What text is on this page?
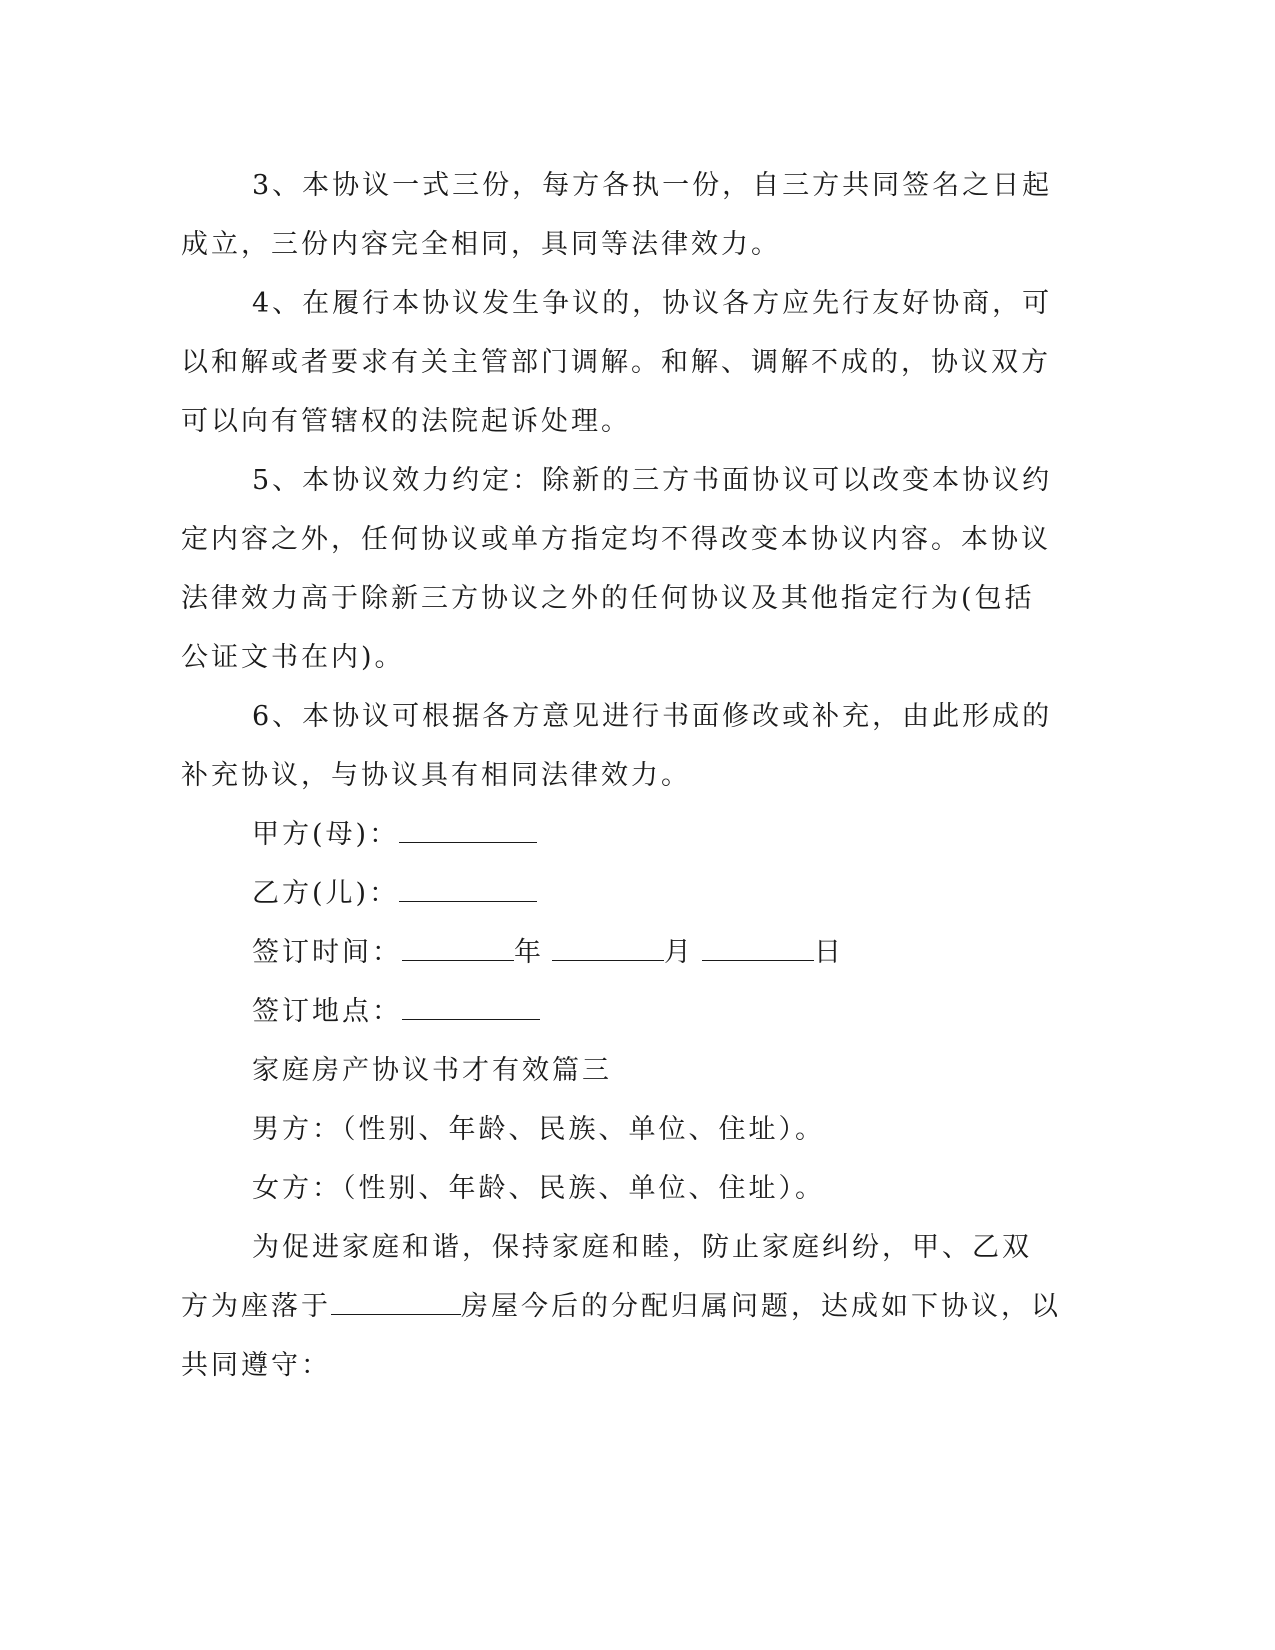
3、本协议一式三份，每方各执一份，自三方共同签名之日起成立，三份内容完全相同，具同等法律效力。

4、在履行本协议发生争议的，协议各方应先行友好协商，可以和解或者要求有关主管部门调解。和解、调解不成的，协议双方可以向有管辖权的法院起诉处理。

5、本协议效力约定：除新的三方书面协议可以改变本协议约定内容之外，任何协议或单方指定均不得改变本协议内容。本协议法律效力高于除新三方协议之外的任何协议及其他指定行为(包括公证文书在内)。

6、本协议可根据各方意见进行书面修改或补充，由此形成的补充协议，与协议具有相同法律效力。

甲方(母)：

乙方(儿)：

签订时间：	年	月	日

签订地点：

家庭房产协议书才有效篇三

男方：（性别、年龄、民族、单位、住址）。

女方：（性别、年龄、民族、单位、住址）。

为促进家庭和谐，保持家庭和睦，防止家庭纠纷，甲、乙双方为座落于	房屋今后的分配归属问题，达成如下协议，以共同遵守：
